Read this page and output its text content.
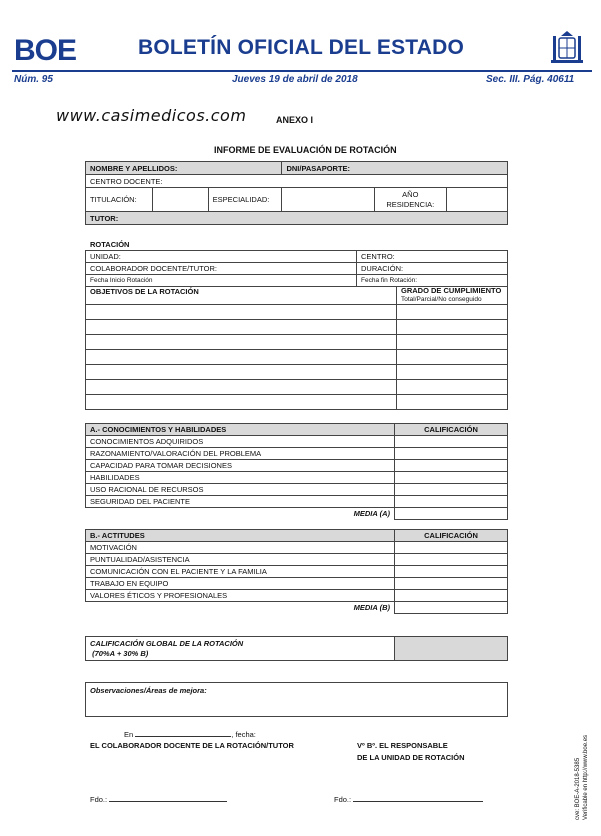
BOE	BOLETÍN OFICIAL DEL ESTADO
Núm. 95	Jueves 19 de abril de 2018	Sec. III. Pág. 40611
www.casimedicos.com	ANEXO I
INFORME DE EVALUACIÓN DE ROTACIÓN
NOMBRE Y APELLIDOS:			DNI/PASAPORTE:		
CENTRO DOCENTE:					
TITULACIÓN:		ESPECIALIDAD:		AÑO
RESIDENCIA:	
TUTOR:					
ROTACIÓN
UNIDAD:	CENTRO:
COLABORADOR DOCENTE/TUTOR:	DURACIÓN:
Fecha Inicio Rotación	Fecha fin Rotación:
OBJETIVOS DE LA ROTACIÓN	GRADO DE CUMPLIMIENTO
Total/Parcial/No conseguido

A.- CONOCIMIENTOS Y HABILIDADES	CALIFICACIÓN
CONOCIMIENTOS ADQUIRIDOS	
RAZONAMIENTO/VALORACIÓN DEL PROBLEMA	
CAPACIDAD PARA TOMAR DECISIONES	
HABILIDADES	
USO RACIONAL DE RECURSOS	
SEGURIDAD DEL PACIENTE	
MEDIA (A)	
B.- ACTITUDES	CALIFICACIÓN
MOTIVACIÓN	
PUNTUALIDAD/ASISTENCIA	
COMUNICACIÓN CON EL PACIENTE Y LA FAMILIA	
TRABAJO EN EQUIPO	
VALORES ÉTICOS Y PROFESIONALES	
MEDIA (B)	
CALIFICACIÓN GLOBAL DE LA ROTACIÓN
(70%A + 30% B)	
Observaciones/Áreas de mejora:
En	, fecha:
EL COLABORADOR DOCENTE DE LA ROTACIÓN/TUTOR	Vº Bº. EL RESPONSABLE
DE LA UNIDAD DE ROTACIÓN
Fdo.:	Fdo.:	cve: BOE-A-2018-5385 Verificable en http://www.boe.es
